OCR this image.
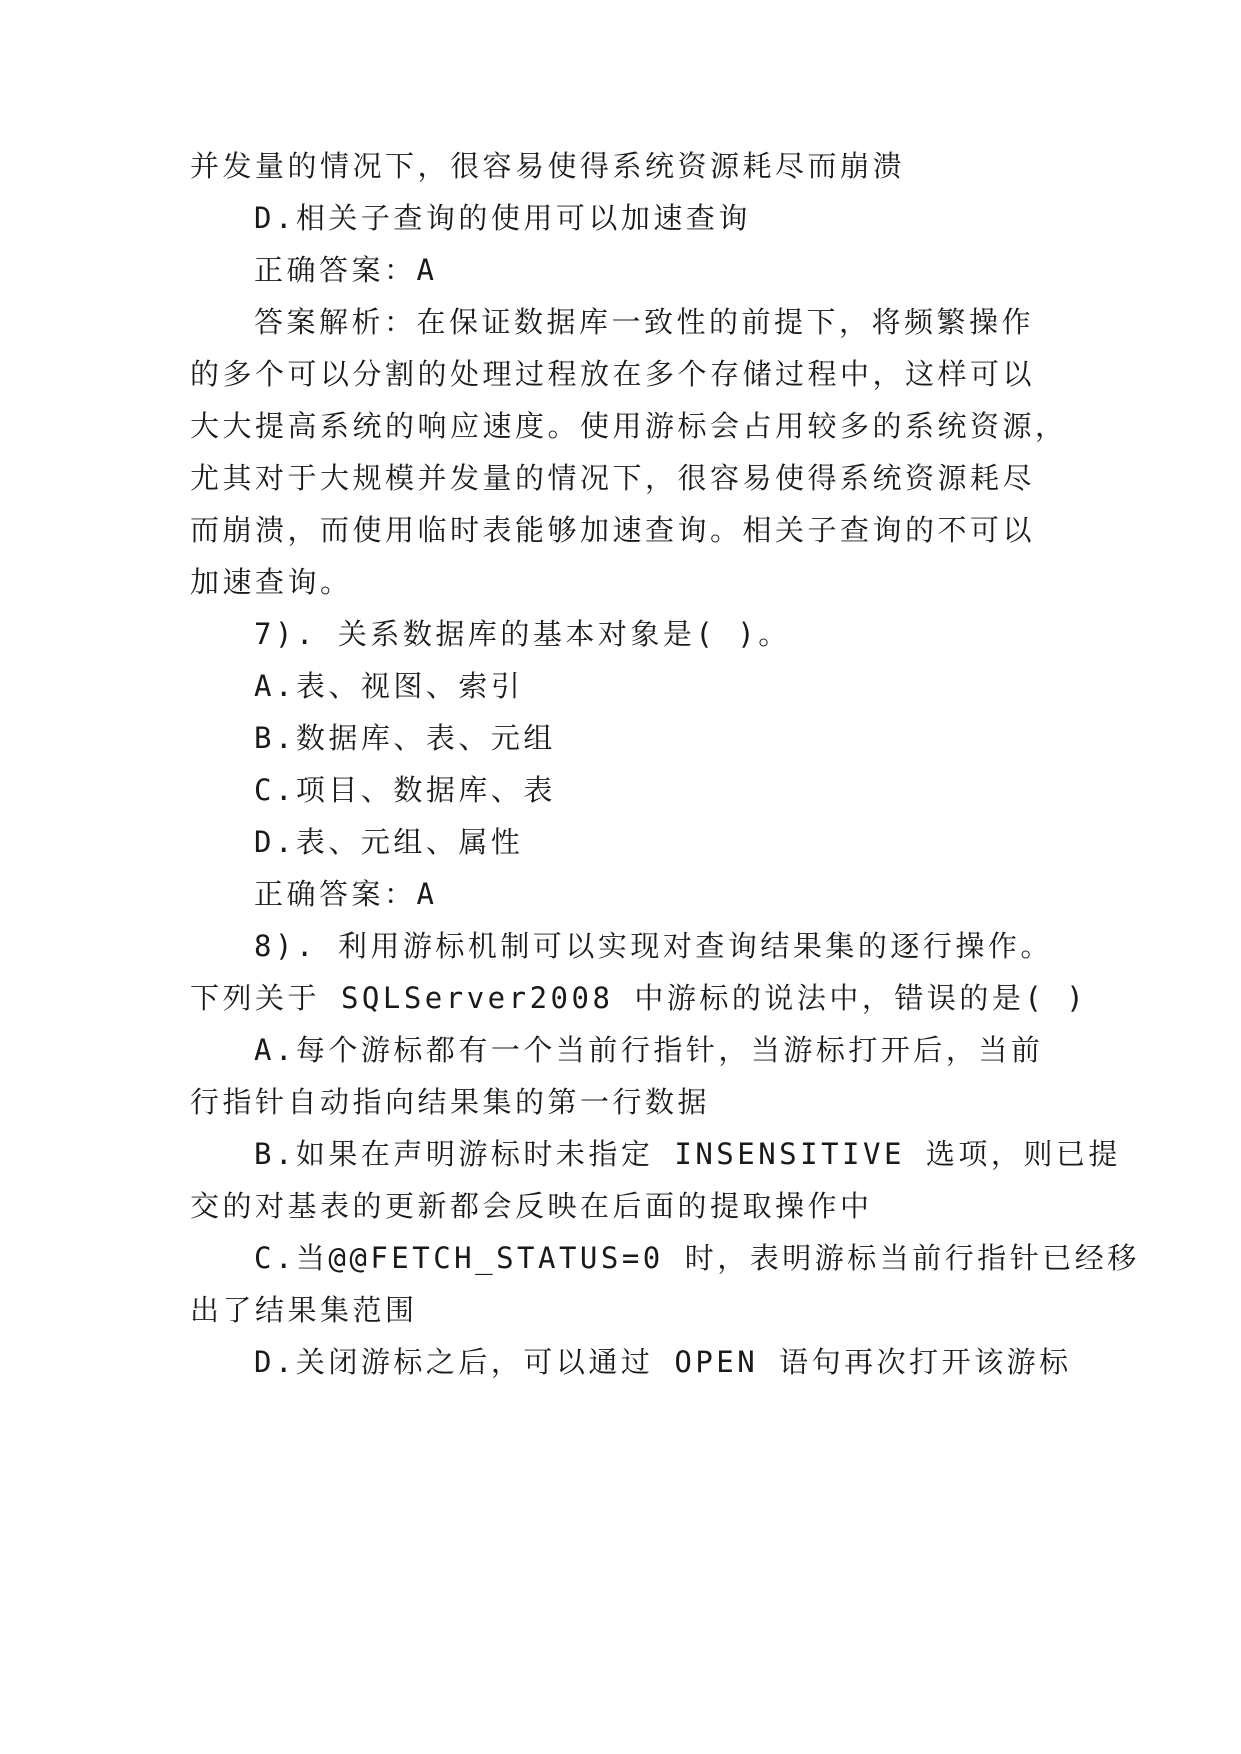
并发量的情况下，很容易使得系统资源耗尽而崩溃

D.相关子查询的使用可以加速查询

正确答案：A

答案解析：在保证数据库一致性的前提下，将频繁操作

的多个可以分割的处理过程放在多个存储过程中，这样可以

大大提高系统的响应速度。使用游标会占用较多的系统资源，

尤其对于大规模并发量的情况下，很容易使得系统资源耗尽

而崩溃，而使用临时表能够加速查询。相关子查询的不可以

加速查询。

7). 关系数据库的基本对象是( )。

A.表、视图、索引

B.数据库、表、元组

C.项目、数据库、表

D.表、元组、属性

正确答案：A

8). 利用游标机制可以实现对查询结果集的逐行操作。

下列关于 SQLServer2008 中游标的说法中，错误的是( )

A.每个游标都有一个当前行指针，当游标打开后，当前

行指针自动指向结果集的第一行数据

B.如果在声明游标时未指定 INSENSITIVE 选项，则已提

交的对基表的更新都会反映在后面的提取操作中

C.当@@FETCH_STATUS=0 时，表明游标当前行指针已经移

出了结果集范围

D.关闭游标之后，可以通过 OPEN 语句再次打开该游标
